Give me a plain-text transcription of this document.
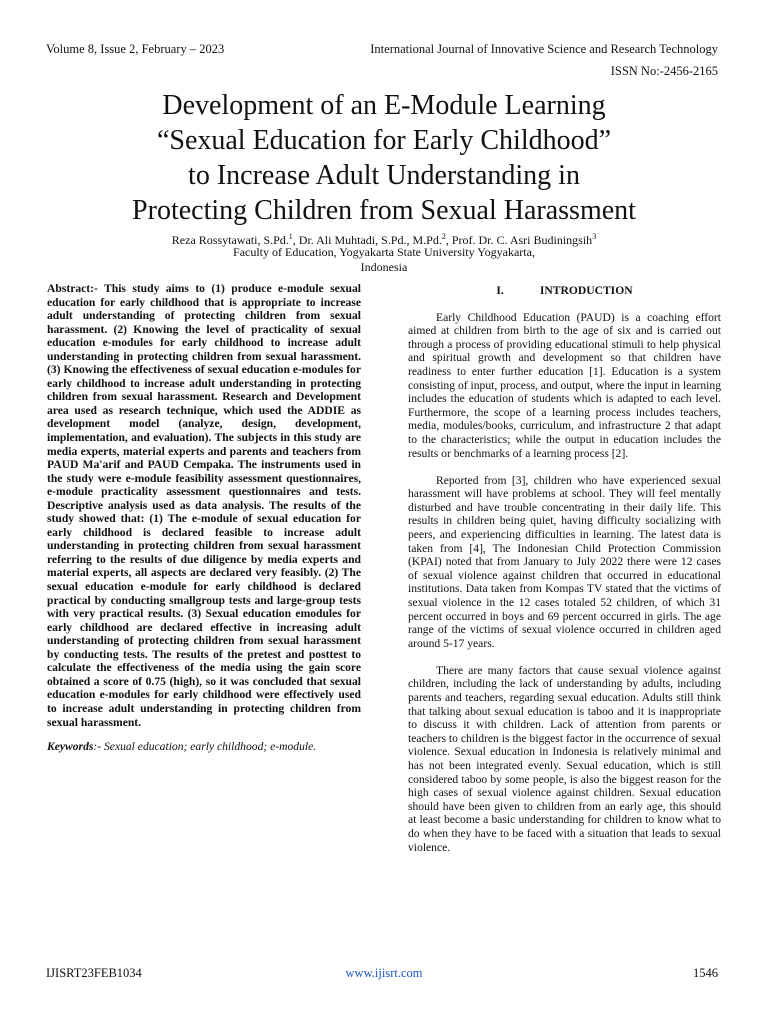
Volume 8, Issue 2, February – 2023	International Journal of Innovative Science and Research Technology
ISSN No:-2456-2165
Development of an E-Module Learning
“Sexual Education for Early Childhood”
to Increase Adult Understanding in
Protecting Children from Sexual Harassment
Reza Rossytawati, S.Pd.$^1$, Dr. Ali Muhtadi, S.Pd., M.Pd.$^2$, Prof. Dr. C. Asri Budiningsih$^3$
Faculty of Education, Yogyakarta State University Yogyakarta,
Indonesia
Abstract:- This study aims to (1) produce e-module sexual education for early childhood that is appropriate to increase adult understanding of protecting children from sexual harassment. (2) Knowing the level of practicality of sexual education e-modules for early childhood to increase adult understanding in protecting children from sexual harassment. (3) Knowing the effectiveness of sexual education e-modules for early childhood to increase adult understanding in protecting children from sexual harassment. Research and Development area used as research technique, which used the ADDIE as development model (analyze, design, development, implementation, and evaluation). The subjects in this study are media experts, material experts and parents and teachers from PAUD Ma'arif and PAUD Cempaka. The instruments used in the study were e-module feasibility assessment questionnaires, e-module practicality assessment questionnaires and tests. Descriptive analysis used as data analysis. The results of the study showed that: (1) The e-module of sexual education for early childhood is declared feasible to increase adult understanding in protecting children from sexual harassment referring to the results of due diligence by media experts and material experts, all aspects are declared very feasibly. (2) The sexual education e-module for early childhood is declared practical by conducting smallgroup tests and large-group tests with very practical results. (3) Sexual education emodules for early childhood are declared effective in increasing adult understanding of protecting children from sexual harassment by conducting tests. The results of the pretest and posttest to calculate the effectiveness of the media using the gain score obtained a score of 0.75 (high), so it was concluded that sexual education e-modules for early childhood were effectively used to increase adult understanding in protecting children from sexual harassment.
Keywords:- Sexual education; early childhood; e-module.
I.	INTRODUCTION

Early Childhood Education (PAUD) is a coaching effort aimed at children from birth to the age of six and is carried out through a process of providing educational stimuli to help physical and spiritual growth and development so that children have readiness to enter further education [1]. Education is a system consisting of input, process, and output, where the input in learning includes the education of students which is adapted to each level. Furthermore, the scope of a learning process includes teachers, media, modules/books, curriculum, and infrastructure 2 that adapt to the characteristics; while the output in education includes the results or benchmarks of a learning process [2].

Reported from [3], children who have experienced sexual harassment will have problems at school. They will feel mentally disturbed and have trouble concentrating in their daily life. This results in children being quiet, having difficulty socializing with peers, and experiencing difficulties in learning. The latest data is taken from [4], The Indonesian Child Protection Commission (KPAI) noted that from January to July 2022 there were 12 cases of sexual violence against children that occurred in educational institutions. Data taken from Kompas TV stated that the victims of sexual violence in the 12 cases totaled 52 children, of which 31 percent occurred in boys and 69 percent occurred in girls. The age range of the victims of sexual violence occurred in children aged around 5-17 years.

There are many factors that cause sexual violence against children, including the lack of understanding by adults, including parents and teachers, regarding sexual education. Adults still think that talking about sexual education is taboo and it is inappropriate to discuss it with children. Lack of attention from parents or teachers to children is the biggest factor in the occurrence of sexual violence. Sexual education in Indonesia is relatively minimal and has not been integrated evenly. Sexual education, which is still considered taboo by some people, is also the biggest reason for the high cases of sexual violence against children. Sexual education should have been given to children from an early age, this should at least become a basic understanding for children to know what to do when they have to be faced with a situation that leads to sexual violence.

IJISRT23FEB1034	www.ijisrt.com	1546
